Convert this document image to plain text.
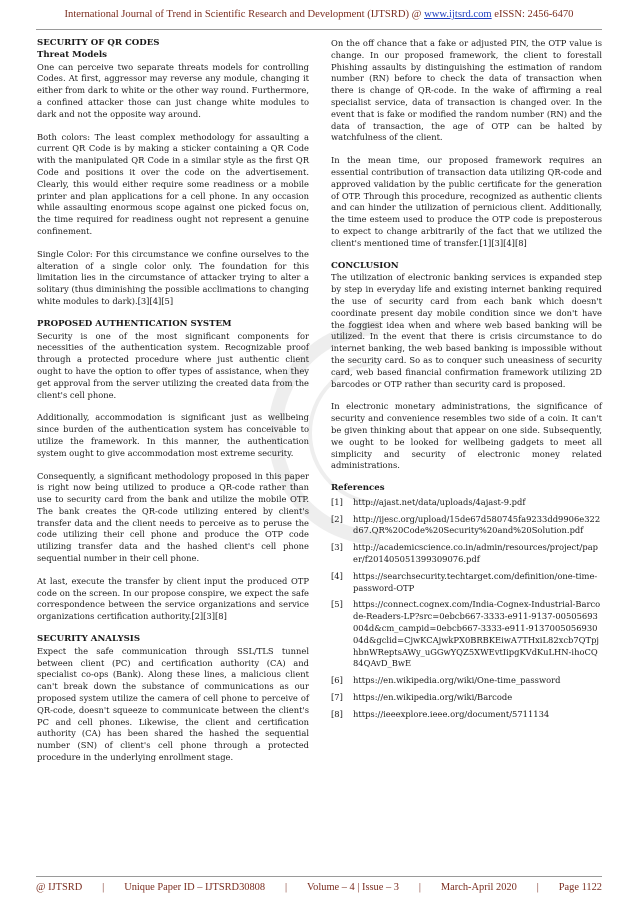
International Journal of Trend in Scientific Research and Development (IJTSRD) @ www.ijtsrd.com eISSN: 2456-6470
SECURITY OF QR CODES
Threat Models

One can perceive two separate threats models for controlling Codes. At first, aggressor may reverse any module, changing it either from dark to white or the other way round. Furthermore, a confined attacker those can just change white modules to dark and not the opposite way around.

Both colors: The least complex methodology for assaulting a current QR Code is by making a sticker containing a QR Code with the manipulated QR Code in a similar style as the first QR Code and positions it over the code on the advertisement. Clearly, this would either require some readiness or a mobile printer and plan applications for a cell phone. In any occasion while assaulting enormous scope against one picked focus on, the time required for readiness ought not represent a genuine confinement.

Single Color: For this circumstance we confine ourselves to the alteration of a single color only. The foundation for this limitation lies in the circumstance of attacker trying to alter a solitary (thus diminishing the possible acclimations to changing white modules to dark).[3][4][5]

PROPOSED AUTHENTICATION SYSTEM

Security is one of the most significant components for necessities of the authentication system. Recognizable proof through a protected procedure where just authentic client ought to have the option to offer types of assistance, when they get approval from the server utilizing the created data from the client's cell phone.

Additionally, accommodation is significant just as wellbeing since burden of the authentication system has conceivable to utilize the framework. In this manner, the authentication system ought to give accommodation most extreme security.

Consequently, a significant methodology proposed in this paper is right now being utilized to produce a QR-code rather than use to security card from the bank and utilize the mobile OTP. The bank creates the QR-code utilizing entered by client's transfer data and the client needs to perceive as to peruse the code utilizing their cell phone and produce the OTP code utilizing transfer data and the hashed client's cell phone sequential number in their cell phone.

At last, execute the transfer by client input the produced OTP code on the screen. In our propose conspire, we expect the safe correspondence between the service organizations and service organizations certification authority.[2][3][8]

SECURITY ANALYSIS

Expect the safe communication through SSL/TLS tunnel between client (PC) and certification authority (CA) and specialist co-ops (Bank). Along these lines, a malicious client can't break down the substance of communications as our proposed system utilize the camera of cell phone to perceive of QR-code, doesn't squeeze to communicate between the client's PC and cell phones. Likewise, the client and certification authority (CA) has been shared the hashed the sequential number (SN) of client's cell phone through a protected procedure in the underlying enrollment stage.

On the off chance that a fake or adjusted PIN, the OTP value is change. In our proposed framework, the client to forestall Phishing assaults by distinguishing the estimation of random number (RN) before to check the data of transaction when there is change of QR-code. In the wake of affirming a real specialist service, data of transaction is changed over. In the event that is fake or modified the random number (RN) and the data of transaction, the age of OTP can be halted by watchfulness of the client.

In the mean time, our proposed framework requires an essential contribution of transaction data utilizing QR-code and approved validation by the public certificate for the generation of OTP. Through this procedure, recognized as authentic clients and can hinder the utilization of pernicious client. Additionally, the time esteem used to produce the OTP code is preposterous to expect to change arbitrarily of the fact that we utilized the client's mentioned time of transfer.[1][3][4][8]

CONCLUSION

The utilization of electronic banking services is expanded step by step in everyday life and existing internet banking required the use of security card from each bank which doesn't coordinate present day mobile condition since we don't have the foggiest idea when and where web based banking will be utilized. In the event that there is crisis circumstance to do internet banking, the web based banking is impossible without the security card. So as to conquer such uneasiness of security card, web based financial confirmation framework utilizing 2D barcodes or OTP rather than security card is proposed.

In electronic monetary administrations, the significance of security and convenience resembles two side of a coin. It can't be given thinking about that appear on one side. Subsequently, we ought to be looked for wellbeing gadgets to meet all simplicity and security of electronic money related administrations.

References
[1]	http://ajast.net/data/uploads/4ajast-9.pdf
[2]	http://ijesc.org/upload/15de67d580745fa9233dd9906e322d67.QR%20Code%20Security%20and%20Solution.pdf
[3]	http://academicscience.co.in/admin/resources/project/paper/f201405051399309076.pdf
[4]	https://searchsecurity.techtarget.com/definition/one-time-password-OTP
[5]	https://connect.cognex.com/India-Cognex-Industrial-Barcode-Readers-LP?src=0ebcb667-3333-e911-9137-00505693004d&cm_campid=0ebcb667-3333-e911-913700505693004d&gclid=CjwKCAjwkPX0BRBKEiwA7THxiL82xcb7QTpjhbnWReptsAWy_uGGwYQZ5XWEvtIipgKVdKuLHN-ihoCQ84QAvD_BwE
[6]	https://en.wikipedia.org/wiki/One-time_password
[7]	https://en.wikipedia.org/wiki/Barcode
[8]	https://ieeexplore.ieee.org/document/5711134
@ IJTSRD | Unique Paper ID – IJTSRD30808 | Volume – 4 | Issue – 3 | March-April 2020 | Page 1122
